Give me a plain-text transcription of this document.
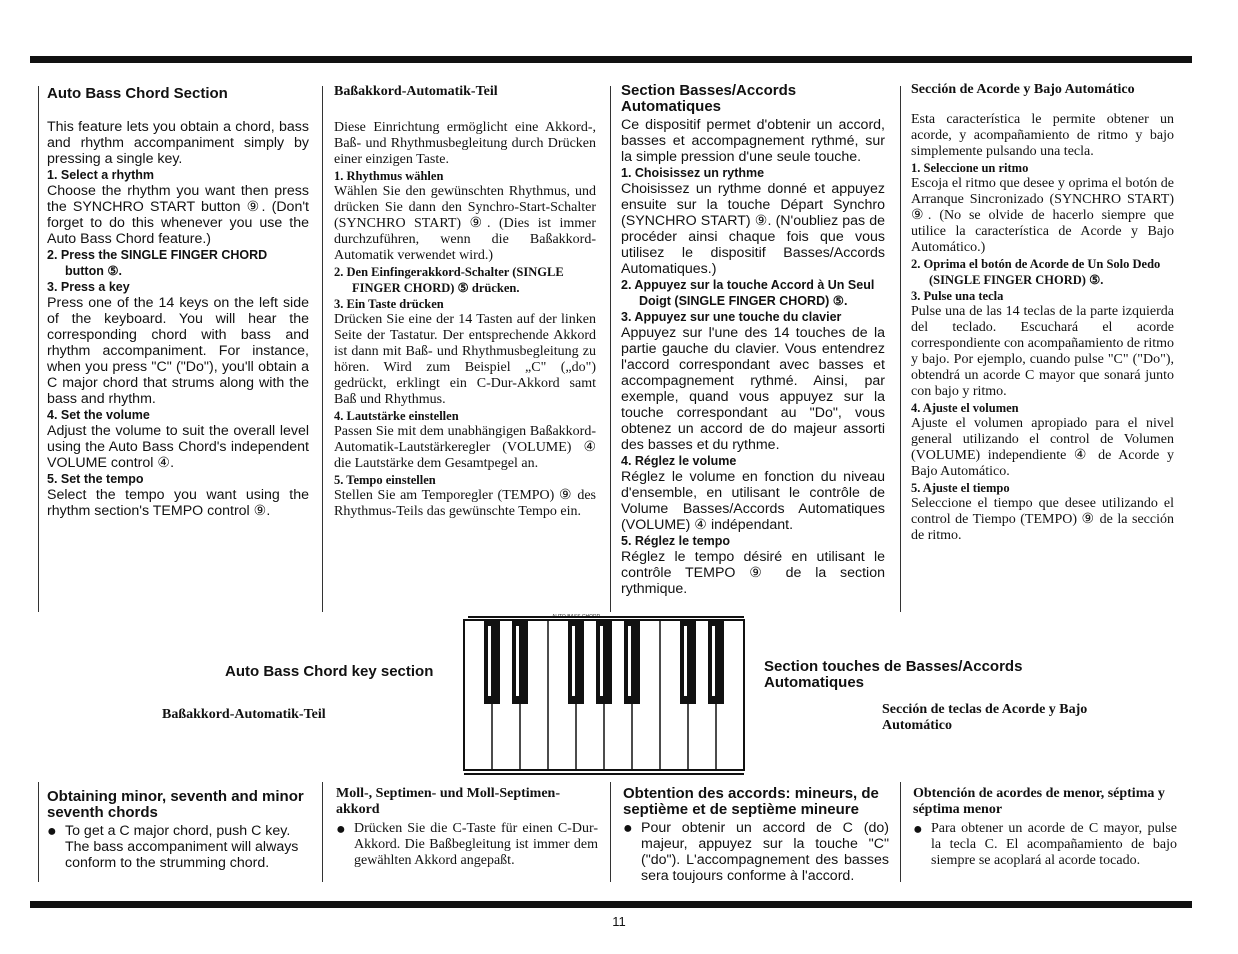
Auto Bass Chord Section

This feature lets you obtain a chord, bass and rhythm accompaniment simply by pressing a single key.

1. Select a rhythm

Choose the rhythm you want then press the SYNCHRO START button ⑨. (Don't forget to do this whenever you use the Auto Bass Chord feature.)

2. Press the SINGLE FINGER CHORD button ⑤.
3. Press a key

Press one of the 14 keys on the left side of the keyboard. You will hear the corresponding chord with bass and rhythm accompaniment. For instance, when you press "C" ("Do"), you'll obtain a C major chord that strums along with the bass and rhythm.

4. Set the volume

Adjust the volume to suit the overall level using the Auto Bass Chord's independent VOLUME control ④.

5. Set the tempo

Select the tempo you want using the rhythm section's TEMPO control ⑨.

Baßakkord-Automatik-Teil

Diese Einrichtung ermöglicht eine Akkord-, Baß- und Rhythmusbegleitung durch Drücken einer einzigen Taste.

1. Rhythmus wählen

Wählen Sie den gewünschten Rhythmus, und drücken Sie dann den Synchro-Start-Schalter (SYNCHRO START) ⑨. (Dies ist immer durchzuführen, wenn die Baßakkord-Automatik verwendet wird.)

2. Den Einfingerakkord-Schalter (SINGLE FINGER CHORD) ⑤ drücken.
3. Ein Taste drücken

Drücken Sie eine der 14 Tasten auf der linken Seite der Tastatur. Der entsprechende Akkord ist dann mit Baß- und Rhythmusbegleitung zu hören. Wird zum Beispiel „C" („do") gedrückt, erklingt ein C-Dur-Akkord samt Baß und Rhythmus.

4. Lautstärke einstellen

Passen Sie mit dem unabhängigen Baßakkord-Automatik-Lautstärkeregler (VOLUME) ④ die Lautstärke dem Gesamtpegel an.

5. Tempo einstellen

Stellen Sie am Temporegler (TEMPO) ⑨ des Rhythmus-Teils das gewünschte Tempo ein.

Section Basses/Accords Automatiques

Ce dispositif permet d'obtenir un accord, basses et accompagnement rythmé, sur la simple pression d'une seule touche.

1. Choisissez un rythme

Choisissez un rythme donné et appuyez ensuite sur la touche Départ Synchro (SYNCHRO START) ⑨. (N'oubliez pas de procéder ainsi chaque fois que vous utilisez le dispositif Basses/Accords Automatiques.)

2. Appuyez sur la touche Accord à Un Seul Doigt (SINGLE FINGER CHORD) ⑤.
3. Appuyez sur une touche du clavier

Appuyez sur l'une des 14 touches de la partie gauche du clavier. Vous entendrez l'accord correspondant avec basses et accompagnement rythmé. Ainsi, par exemple, quand vous appuyez sur la touche correspondant au "Do", vous obtenez un accord de do majeur assorti des basses et du rythme.

4. Réglez le volume

Réglez le volume en fonction du niveau d'ensemble, en utilisant le contrôle de Volume Basses/Accords Automatiques (VOLUME) ④ indépendant.

5. Réglez le tempo

Réglez le tempo désiré en utilisant le contrôle TEMPO ⑨ de la section rythmique.

Sección de Acorde y Bajo Automático

Esta característica le permite obtener un acorde, y acompañamiento de ritmo y bajo simplemente pulsando una tecla.

1. Seleccione un ritmo

Escoja el ritmo que desee y oprima el botón de Arranque Sincronizado (SYNCHRO START) ⑨. (No se olvide de hacerlo siempre que utilice la característica de Acorde y Bajo Automático.)

2. Oprima el botón de Acorde de Un Solo Dedo (SINGLE FINGER CHORD) ⑤.
3. Pulse una tecla

Pulse una de las 14 teclas de la parte izquierda del teclado. Escuchará el acorde correspondiente con acompañamiento de ritmo y bajo. Por ejemplo, cuando pulse "C" ("Do"), obtendrá un acorde C mayor que sonará junto con bajo y ritmo.

4. Ajuste el volumen

Ajuste el volumen apropiado para el nivel general utilizando el control de Volumen (VOLUME) independiente ④ de Acorde y Bajo Automático.

5. Ajuste el tiempo

Seleccione el tiempo que desee utilizando el control de Tiempo (TEMPO) ⑨ de la sección de ritmo.

Auto Bass Chord key section
Baßakkord-Automatik-Teil
Section touches de Basses/Accords Automatiques
Sección de teclas de Acorde y Bajo Automático
Obtaining minor, seventh and minor seventh chords
● To get a C major chord, push C key. The bass accompaniment will always conform to the strumming chord.

Moll-, Septimen- und Moll-Septimen-akkord
● Drücken Sie die C-Taste für einen C-Dur-Akkord. Die Baßbegleitung ist immer dem gewählten Akkord angepaßt.

Obtention des accords: mineurs, de septième et de septième mineure
● Pour obtenir un accord de C (do) majeur, appuyez sur la touche "C" ("do"). L'accompagnement des basses sera toujours conforme à l'accord.

Obtención de acordes de menor, séptima y séptima menor
● Para obtener un acorde de C mayor, pulse la tecla C. El acompañamiento de bajo siempre se acoplará al acorde tocado.

11
